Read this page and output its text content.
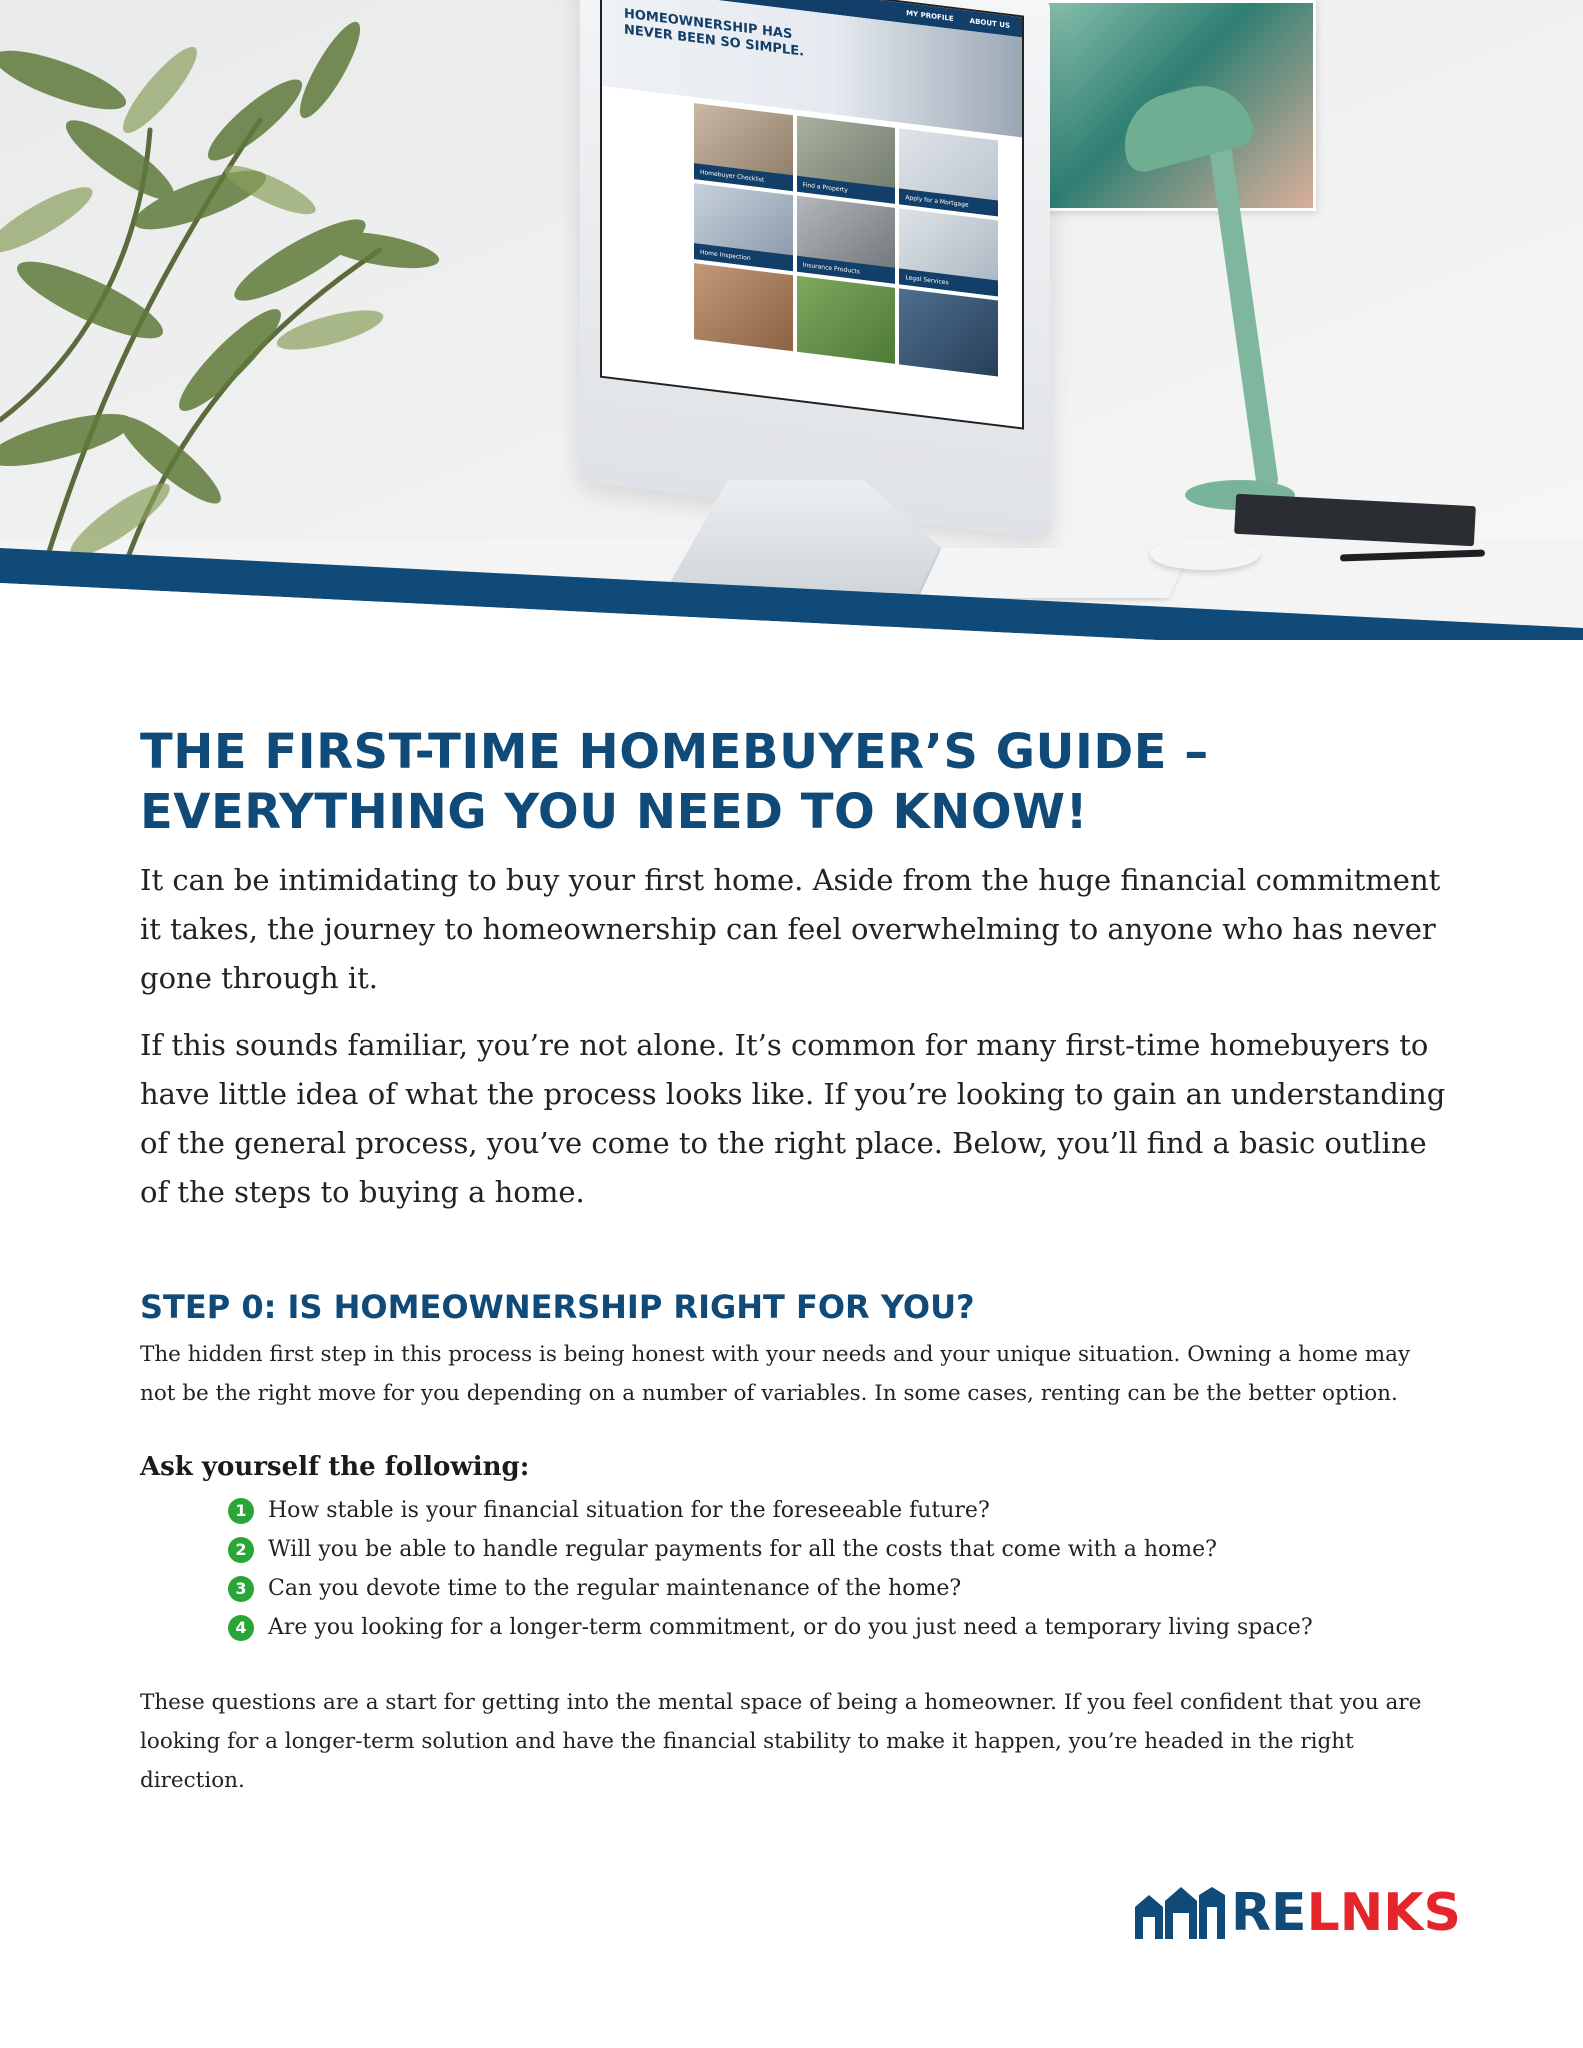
MY PROFILE
ABOUT US
HOMEOWNERSHIP HAS
NEVER BEEN SO SIMPLE.
Homebuyer Checklist
Find a Property
Apply for a Mortgage
Home Inspection
Insurance Products
Legal Services
THE FIRST-TIME HOMEBUYER’S GUIDE –
EVERYTHING YOU NEED TO KNOW!

It can be intimidating to buy your first home. Aside from the huge financial commitment it takes, the journey to homeownership can feel overwhelming to anyone who has never gone through it.

If this sounds familiar, you’re not alone. It’s common for many first-time homebuyers to have little idea of what the process looks like. If you’re looking to gain an understanding of the general process, you’ve come to the right place. Below, you’ll find a basic outline of the steps to buying a home.

STEP 0: IS HOMEOWNERSHIP RIGHT FOR YOU?

The hidden first step in this process is being honest with your needs and your unique situation. Owning a home may not be the right move for you depending on a number of variables. In some cases, renting can be the better option.

Ask yourself the following:
1 How stable is your financial situation for the foreseeable future?
2 Will you be able to handle regular payments for all the costs that come with a home?
3 Can you devote time to the regular maintenance of the home?
4 Are you looking for a longer-term commitment, or do you just need a temporary living space?

These questions are a start for getting into the mental space of being a homeowner. If you feel confident that you are looking for a longer-term solution and have the financial stability to make it happen, you’re headed in the right direction.

RELNKS
